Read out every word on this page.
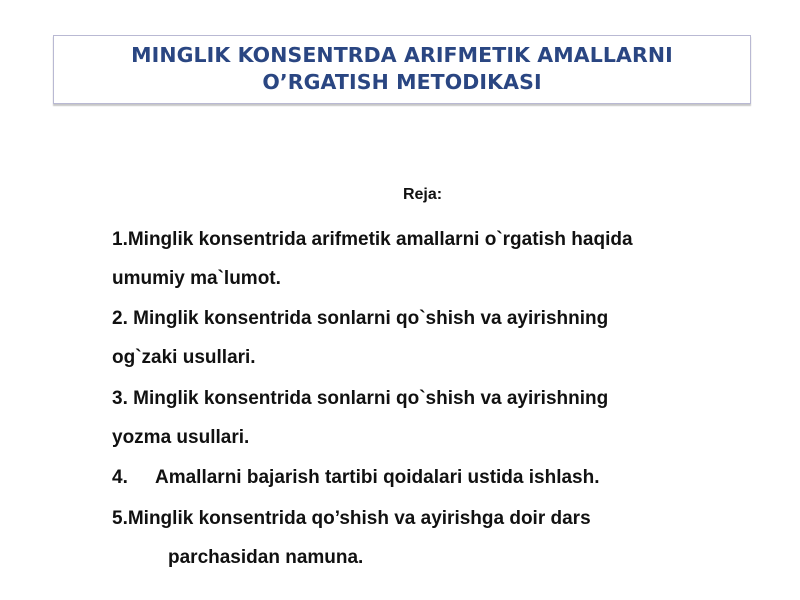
MINGLIK KONSENTRDA ARIFMETIK AMALLARNI
O’RGATISH METODIKASI
Reja:
1.Minglik konsentrida arifmetik amallarni o`rgatish haqida
umumiy ma`lumot.
2. Minglik konsentrida sonlarni qo`shish va ayirishning
og`zaki usullari.
3. Minglik konsentrida sonlarni qo`shish va ayirishning
yozma usullari.
4. Amallarni bajarish tartibi qoidalari ustida ishlash.
5.Minglik konsentrida qo’shish va ayirishga doir dars
parchasidan namuna.
